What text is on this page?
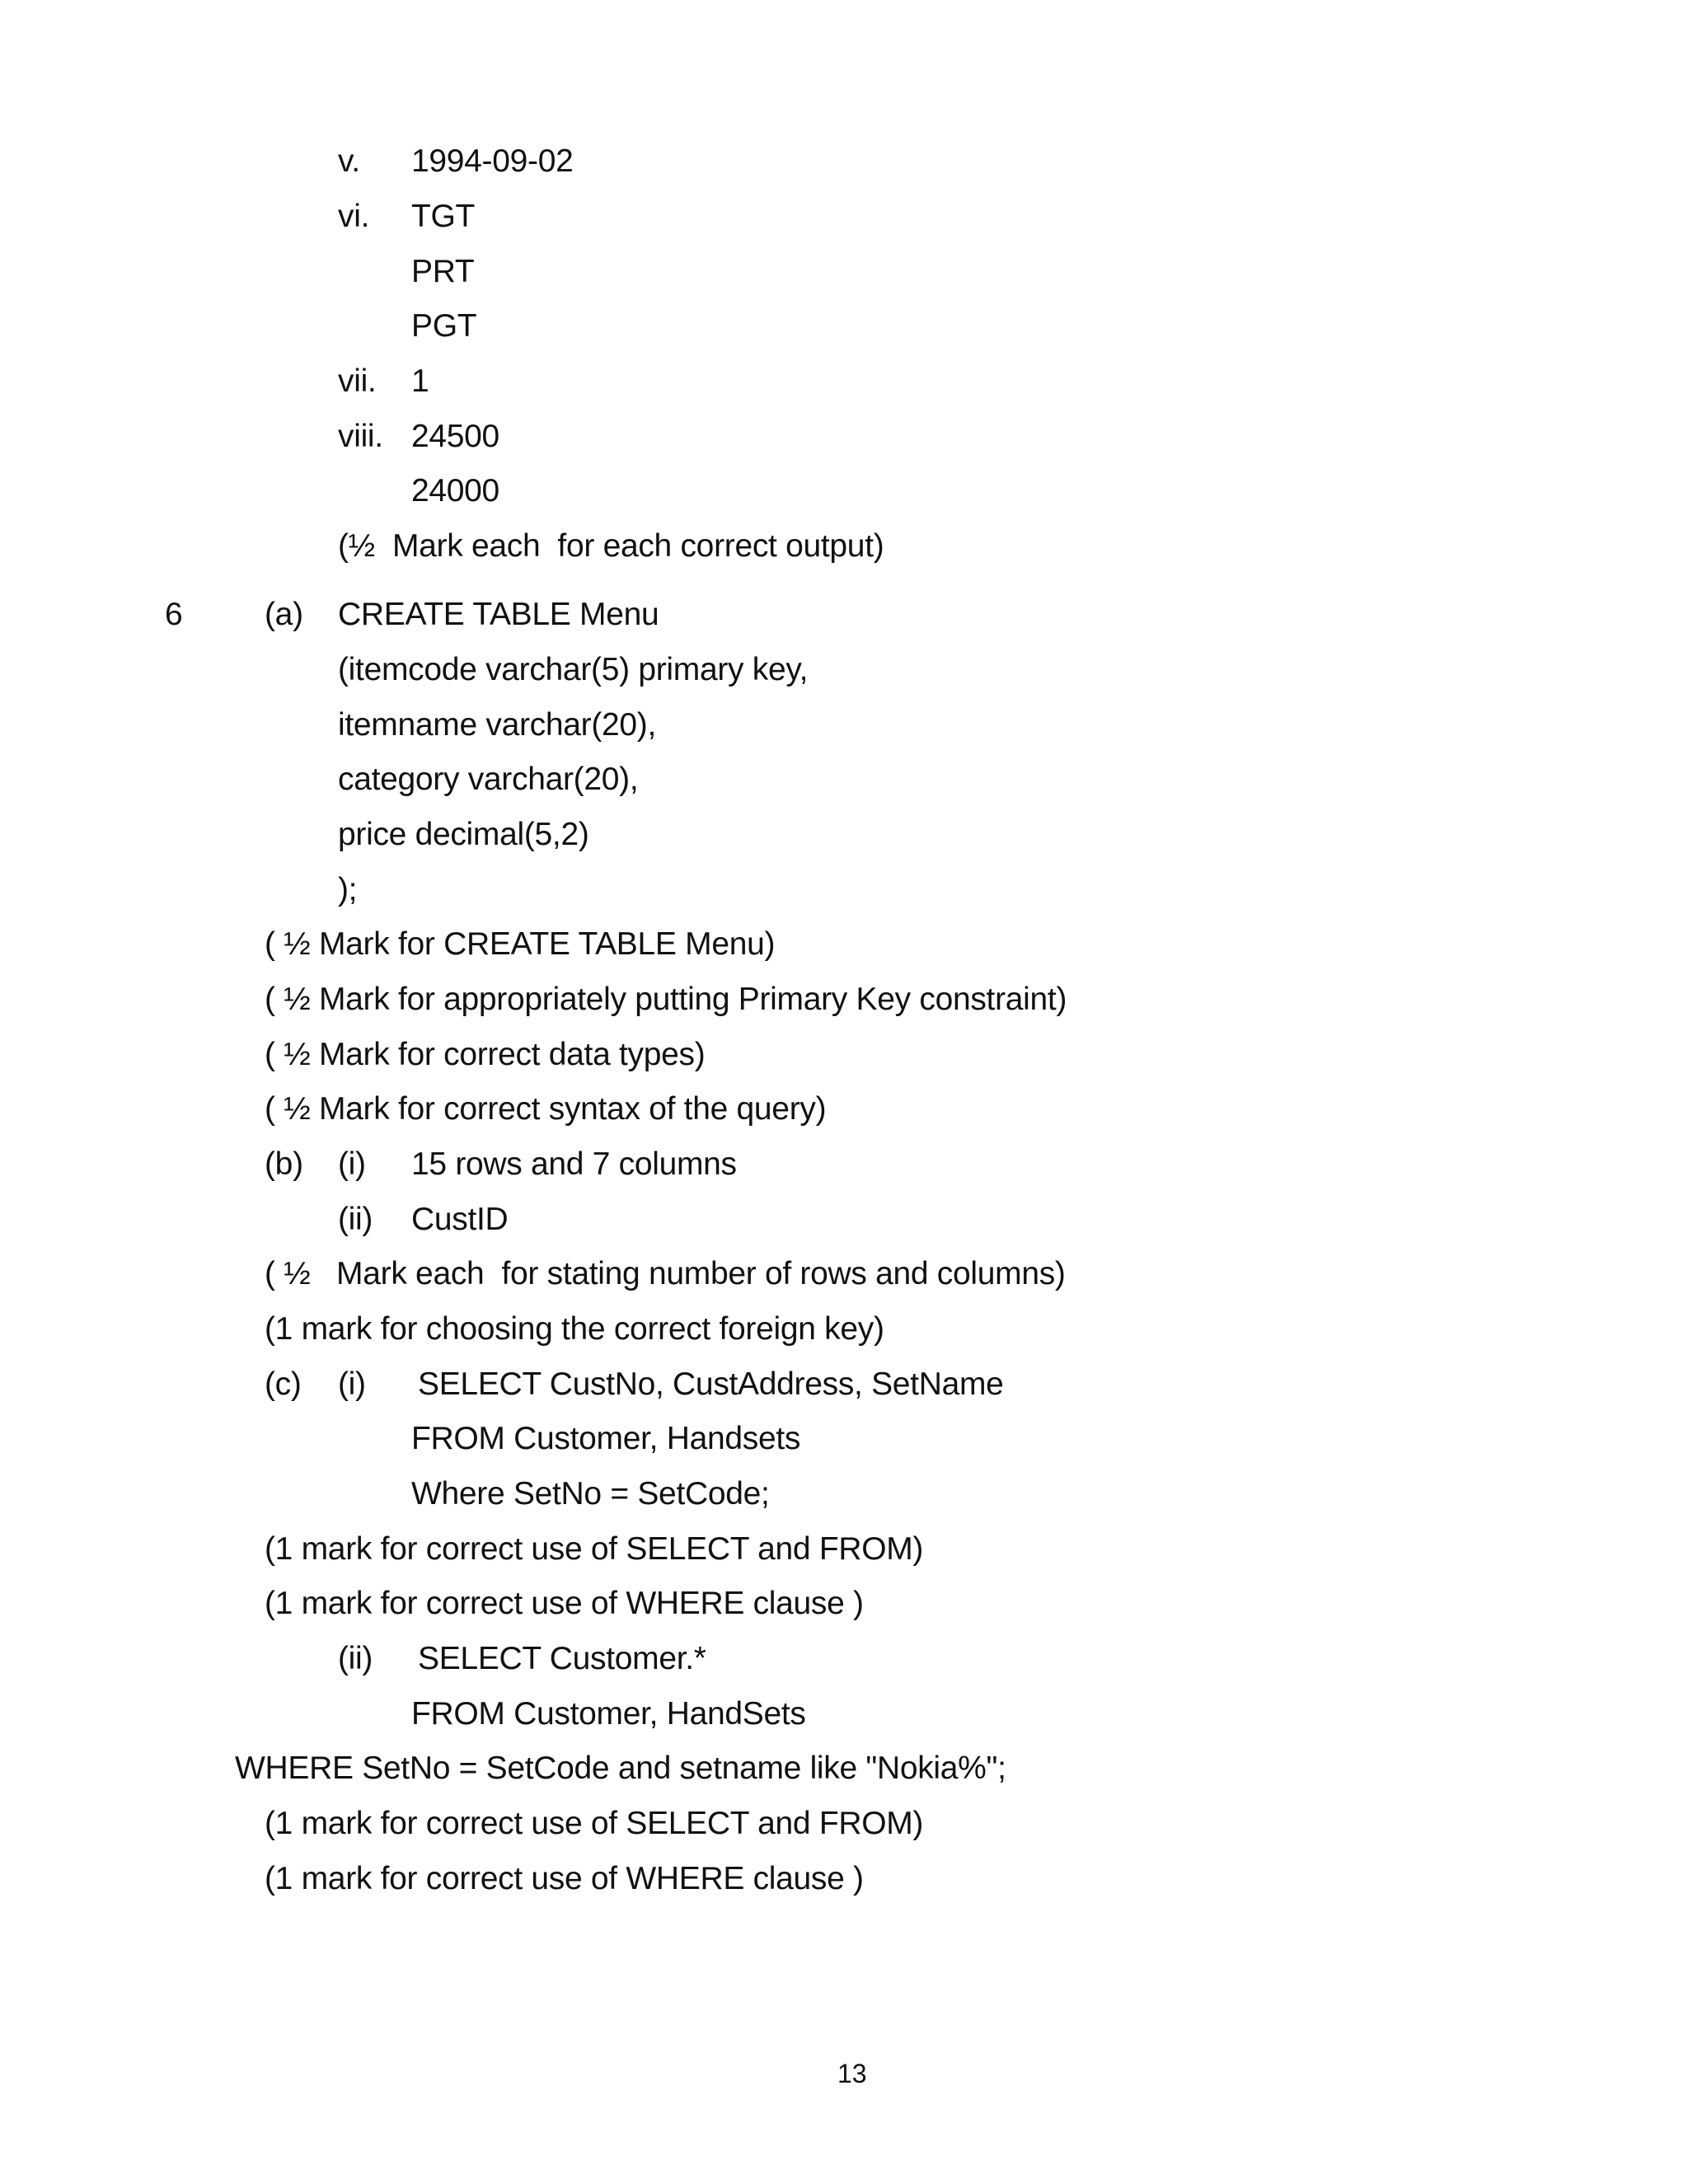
v. 1994-09-02
vi. TGT
PRT
PGT
vii. 1
viii. 24500
24000
(½  Mark each  for each correct output)
6	(a) CREATE TABLE Menu
(itemcode varchar(5) primary key,
itemname varchar(20),
category varchar(20),
price decimal(5,2)
);
( ½ Mark for CREATE TABLE Menu)
( ½ Mark for appropriately putting Primary Key constraint)
( ½ Mark for correct data types)
( ½ Mark for correct syntax of the query)
(b) (i) 15 rows and 7 columns
(ii) CustID
( ½   Mark each  for stating number of rows and columns)
(1 mark for choosing the correct foreign key)
(c) (i) SELECT CustNo, CustAddress, SetName
FROM Customer, Handsets
Where SetNo = SetCode;
(1 mark for correct use of SELECT and FROM)
(1 mark for correct use of WHERE clause )
(ii) SELECT Customer.*
FROM Customer, HandSets
WHERE SetNo = SetCode and setname like "Nokia%";
(1 mark for correct use of SELECT and FROM)
(1 mark for correct use of WHERE clause )
13
